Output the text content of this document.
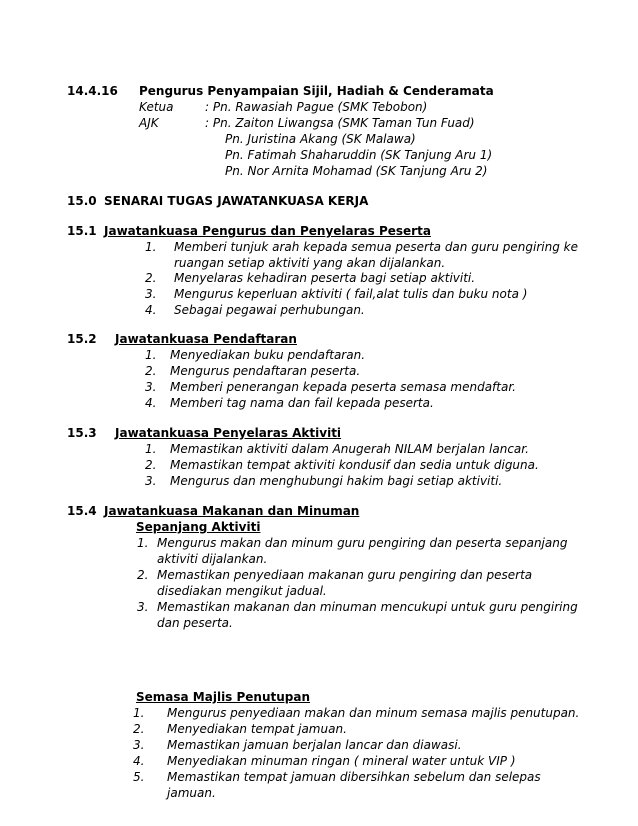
14.4.16 Pengurus Penyampaian Sijil, Hadiah & Cenderamata
Ketua	: Pn. Rawasiah Pague (SMK Tebobon)
AJK	: Pn. Zaiton Liwangsa (SMK Taman Tun Fuad)
Pn. Juristina Akang (SK Malawa)
Pn. Fatimah Shaharuddin (SK Tanjung Aru 1)
Pn. Nor Arnita Mohamad (SK Tanjung Aru 2)
15.0 SENARAI TUGAS JAWATANKUASA KERJA
15.1 Jawatankuasa Pengurus dan Penyelaras Peserta
1. Memberi tunjuk arah kepada semua peserta dan guru pengiring ke
ruangan setiap aktiviti yang akan dijalankan.
2. Menyelaras kehadiran peserta bagi setiap aktiviti.
3. Mengurus keperluan aktiviti ( fail,alat tulis dan buku nota )
4. Sebagai pegawai perhubungan.
15.2 Jawatankuasa Pendaftaran
1. Menyediakan buku pendaftaran.
2. Mengurus pendaftaran peserta.
3. Memberi penerangan kepada peserta semasa mendaftar.
4. Memberi tag nama dan fail kepada peserta.
15.3 Jawatankuasa Penyelaras Aktiviti
1. Memastikan aktiviti dalam Anugerah NILAM berjalan lancar.
2. Memastikan tempat aktiviti kondusif dan sedia untuk diguna.
3. Mengurus dan menghubungi hakim bagi setiap aktiviti.
15.4 Jawatankuasa Makanan dan Minuman
Sepanjang Aktiviti
1. Mengurus makan dan minum guru pengiring dan peserta sepanjang
aktiviti dijalankan.
2. Memastikan penyediaan makanan guru pengiring dan peserta
disediakan mengikut jadual.
3. Memastikan makanan dan minuman mencukupi untuk guru pengiring
dan peserta.
Semasa Majlis Penutupan
1. Mengurus penyediaan makan dan minum semasa majlis penutupan.
2. Menyediakan tempat jamuan.
3. Memastikan jamuan berjalan lancar dan diawasi.
4. Menyediakan minuman ringan ( mineral water untuk VIP )
5. Memastikan tempat jamuan dibersihkan sebelum dan selepas
jamuan.
